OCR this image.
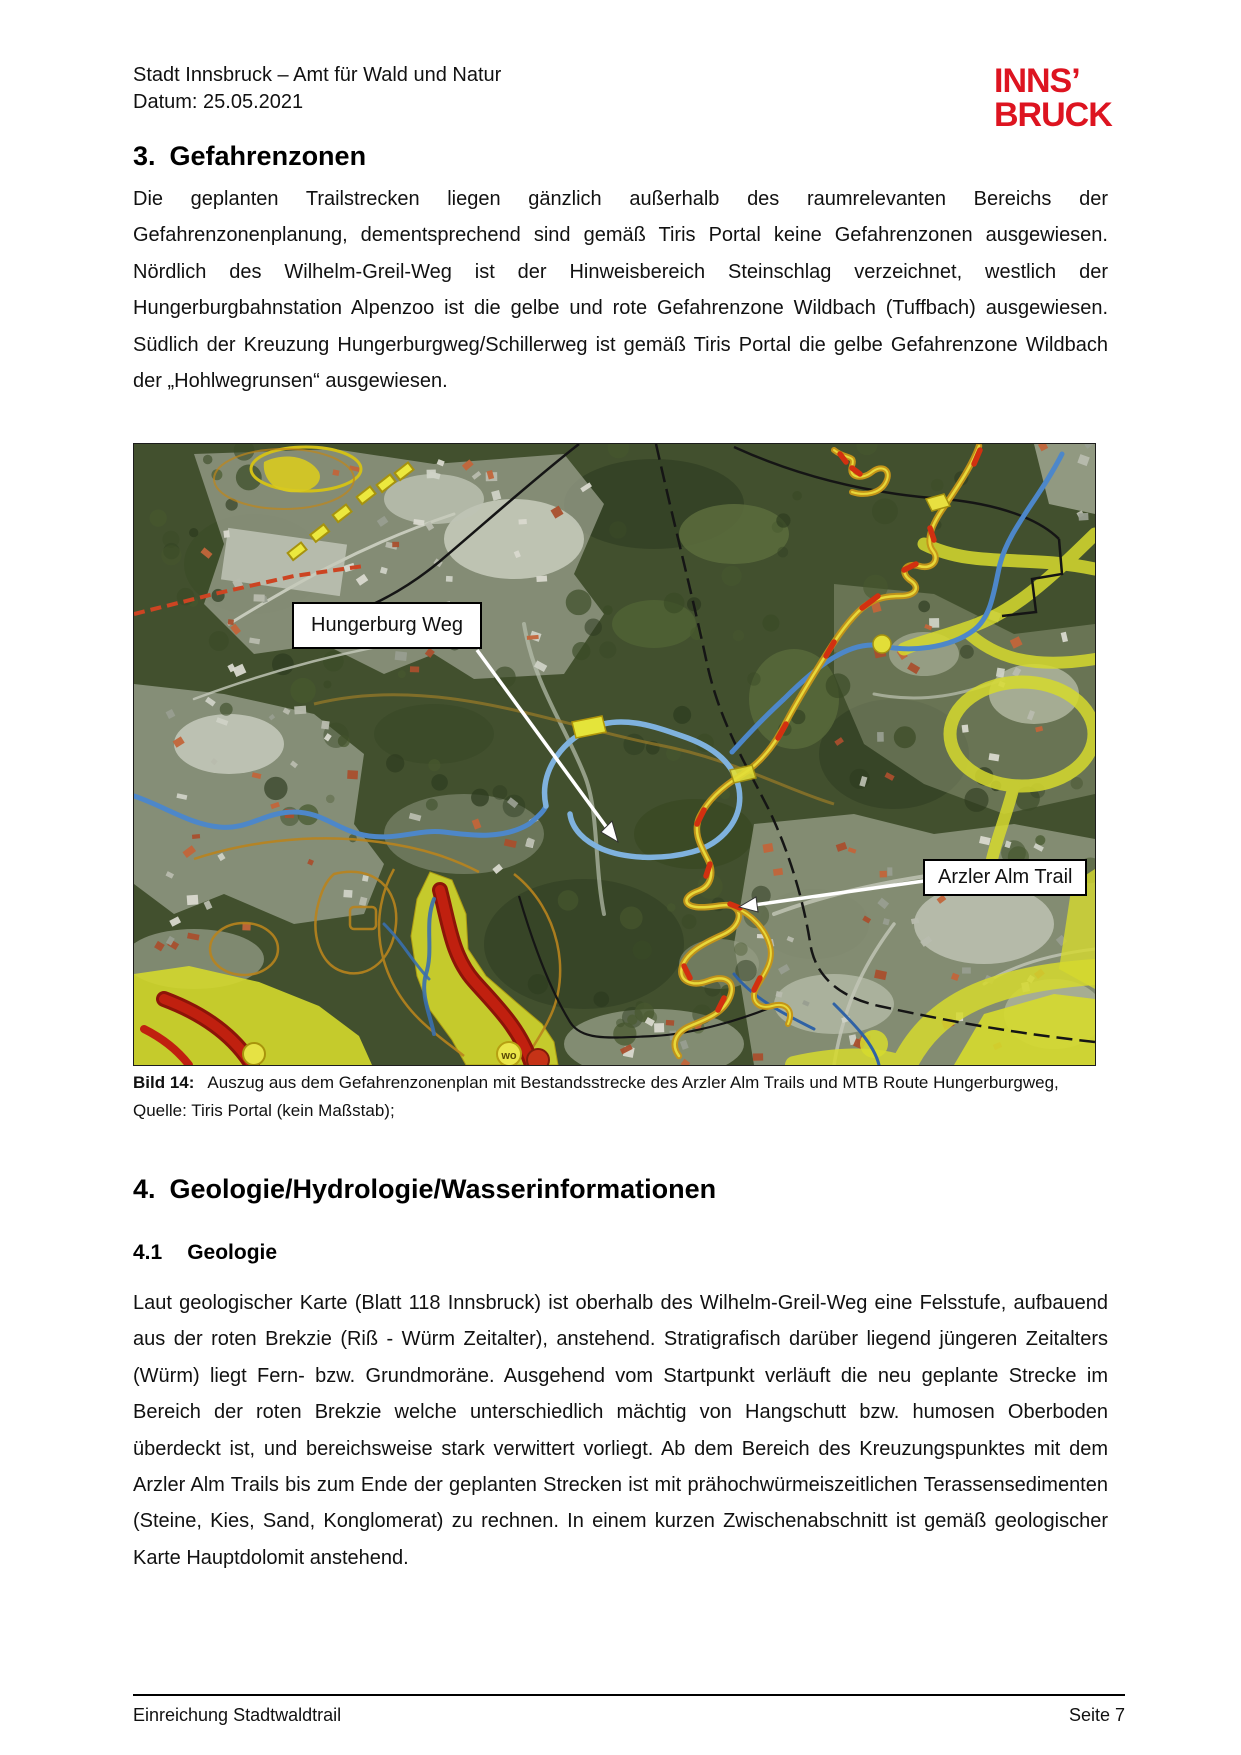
Stadt Innsbruck – Amt für Wald und Natur
Datum: 25.05.2021
INNS’
BRUCK
3. Gefahrenzonen

Die geplanten Trailstrecken liegen gänzlich außerhalb des raumrelevanten Bereichs der Gefahrenzonenplanung, dementsprechend sind gemäß Tiris Portal keine Gefahrenzonen ausgewiesen. Nördlich des Wilhelm-Greil-Weg ist der Hinweisbereich Steinschlag verzeichnet, westlich der Hungerburgbahnstation Alpenzoo ist die gelbe und rote Gefahrenzone Wildbach (Tuffbach) ausgewiesen. Südlich der Kreuzung Hungerburgweg/Schillerweg ist gemäß Tiris Portal die gelbe Gefahrenzone Wildbach der „Hohlwegrunsen“ ausgewiesen.

wo
Hungerburg Weg
Arzler Alm Trail

Bild 14: Auszug aus dem Gefahrenzonenplan mit Bestandsstrecke des Arzler Alm Trails und MTB Route Hungerburgweg, Quelle: Tiris Portal (kein Maßstab);

4. Geologie/Hydrologie/Wasserinformationen
4.1 Geologie

Laut geologischer Karte (Blatt 118 Innsbruck) ist oberhalb des Wilhelm-Greil-Weg eine Felsstufe, aufbauend aus der roten Brekzie (Riß - Würm Zeitalter), anstehend. Stratigrafisch darüber liegend jüngeren Zeitalters (Würm) liegt Fern- bzw. Grundmoräne. Ausgehend vom Startpunkt verläuft die neu geplante Strecke im Bereich der roten Brekzie welche unterschiedlich mächtig von Hangschutt bzw. humosen Oberboden überdeckt ist, und bereichsweise stark verwittert vorliegt. Ab dem Bereich des Kreuzungspunktes mit dem Arzler Alm Trails bis zum Ende der geplanten Strecken ist mit prähochwürmeiszeitlichen Terassensedimenten (Steine, Kies, Sand, Konglomerat) zu rechnen. In einem kurzen Zwischenabschnitt ist gemäß geologischer Karte Hauptdolomit anstehend.

Einreichung Stadtwaldtrail	Seite 7
